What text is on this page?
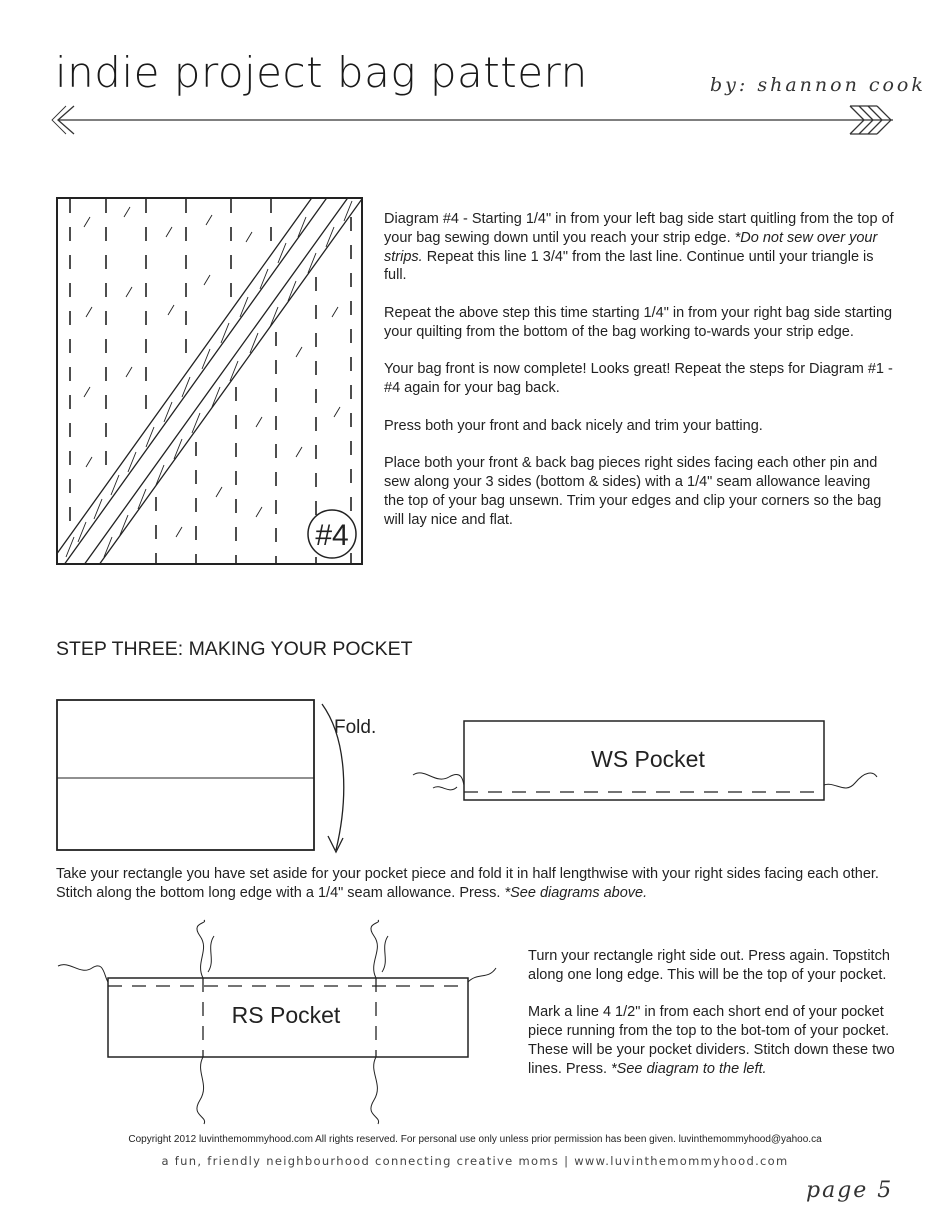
indie project bag pattern	by: shannon cook
#4

Diagram #4 - Starting 1/4" in from your left bag side start quitling from the top of your bag sewing down until you reach your strip edge. *Do not sew over your strips. Repeat this line 1 3/4" from the last line. Continue until your triangle is full.

Repeat the above step this time starting 1/4" in from your right bag side starting your quilting from the bottom of the bag working to-wards your strip edge.

Your bag front is now complete! Looks great! Repeat the steps for Diagram #1 - #4 again for your bag back.

Press both your front and back nicely and trim your batting.

Place both your front & back bag pieces right sides facing each other pin and sew along your 3 sides (bottom & sides) with a 1/4" seam allowance leaving the top of your bag unsewn. Trim your edges and clip your corners so the bag will lay nice and flat.

STEP THREE: MAKING YOUR POCKET
Fold.
WS Pocket
Take your rectangle you have set aside for your pocket piece and fold it in half lengthwise with your right sides facing each other. Stitch along the bottom long edge with a 1/4" seam allowance. Press. *See diagrams above.
RS Pocket

Turn your rectangle right side out. Press again. Topstitch along one long edge. This will be the top of your pocket.

Mark a line 4 1/2" in from each short end of your pocket piece running from the top to the bot-tom of your pocket. These will be your pocket dividers. Stitch down these two lines. Press. *See diagram to the left.

Copyright 2012 luvinthemommyhood.com All rights reserved. For personal use only unless prior permission has been given. luvinthemommyhood@yahoo.ca
a fun, friendly neighbourhood connecting creative moms | www.luvinthemommyhood.com
page 5
